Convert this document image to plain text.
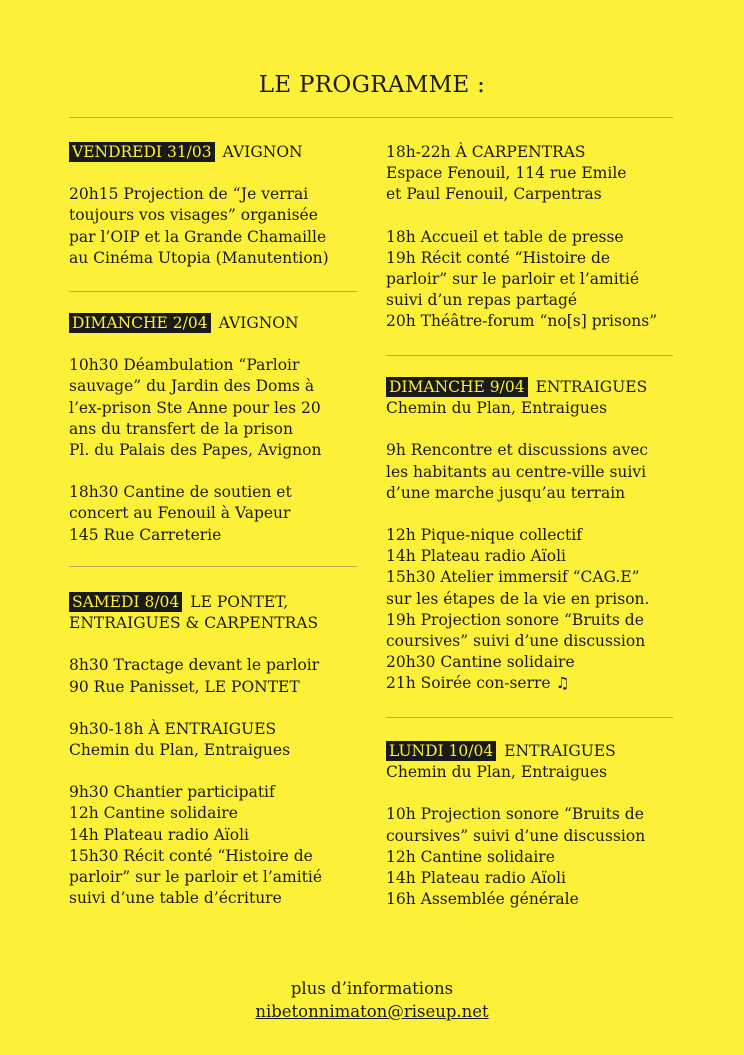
LE PROGRAMME :
VENDREDI 31/03 AVIGNON

20h15 Projection de “Je verrai

toujours vos visages” organisée

par l’OIP et la Grande Chamaille

au Cinéma Utopia (Manutention)

DIMANCHE 2/04 AVIGNON

10h30 Déambulation “Parloir

sauvage” du Jardin des Doms à

l’ex-prison Ste Anne pour les 20

ans du transfert de la prison

Pl. du Palais des Papes, Avignon

18h30 Cantine de soutien et

concert au Fenouil à Vapeur

145 Rue Carreterie

SAMEDI 8/04 LE PONTET,

ENTRAIGUES & CARPENTRAS

8h30 Tractage devant le parloir

90 Rue Panisset, LE PONTET

9h30-18h À ENTRAIGUES

Chemin du Plan, Entraigues

9h30 Chantier participatif

12h Cantine solidaire

14h Plateau radio Aïoli

15h30 Récit conté “Histoire de

parloir” sur le parloir et l’amitié

suivi d’une table d’écriture

18h-22h À CARPENTRAS

Espace Fenouil, 114 rue Emile

et Paul Fenouil, Carpentras

18h Accueil et table de presse

19h Récit conté “Histoire de

parloir” sur le parloir et l’amitié

suivi d’un repas partagé

20h Théâtre-forum “no[s] prisons”

DIMANCHE 9/04 ENTRAIGUES

Chemin du Plan, Entraigues

9h Rencontre et discussions avec

les habitants au centre-ville suivi

d’une marche jusqu’au terrain

12h Pique-nique collectif

14h Plateau radio Aïoli

15h30 Atelier immersif “CAG.E”

sur les étapes de la vie en prison.

19h Projection sonore “Bruits de

coursives” suivi d’une discussion

20h30 Cantine solidaire

21h Soirée con-serre ♫

LUNDI 10/04 ENTRAIGUES

Chemin du Plan, Entraigues

10h Projection sonore “Bruits de

coursives” suivi d’une discussion

12h Cantine solidaire

14h Plateau radio Aïoli

16h Assemblée générale

plus d’informations
nibetonnimaton@riseup.net
